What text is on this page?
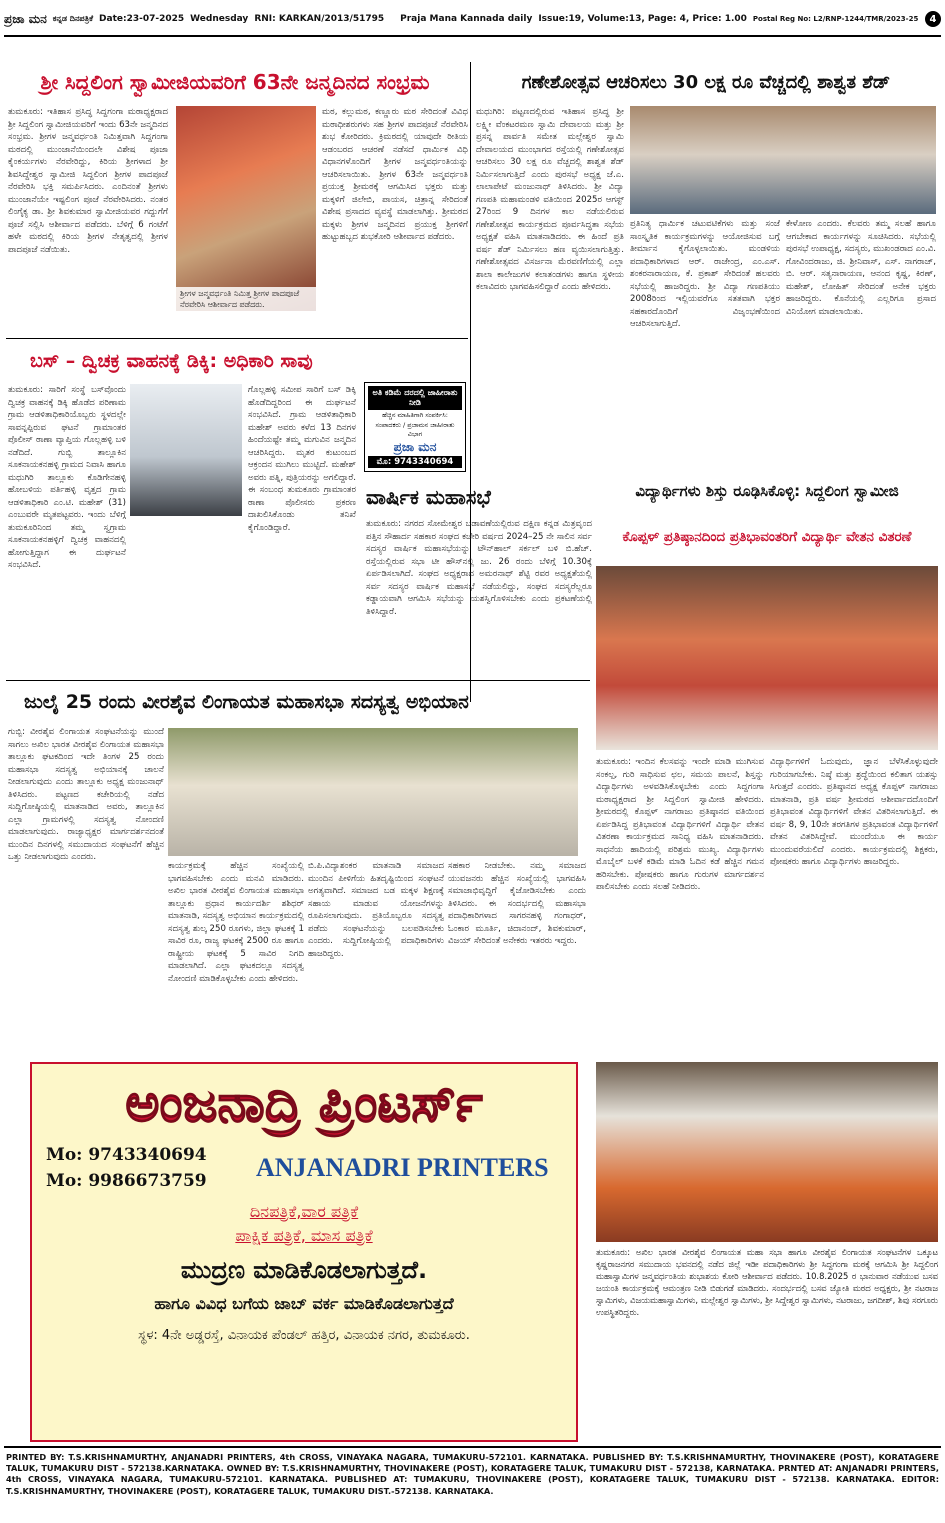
ಪ್ರಜಾ ಮನ ಕನ್ನಡ ದಿನಪತ್ರಿಕೆ Date:23-07-2025 Wednesday RNI: KARKAN/2013/51795 Praja Mana Kannada daily Issue:19, Volume:13, Page: 4, Price: 1.00 Postal Reg No: L2/RNP-1244/TMR/2023-25	4
ಶ್ರೀ ಸಿದ್ದಲಿಂಗ ಸ್ವಾಮೀಜಿಯವರಿಗೆ 63ನೇ ಜನ್ಮದಿನದ ಸಂಭ್ರಮ
ತುಮಕೂರು: ಇತಿಹಾಸ ಪ್ರಸಿದ್ಧ ಸಿದ್ದಗಂಗಾ ಮಠಾಧ್ಯಕ್ಷರಾದ ಶ್ರೀ ಸಿದ್ದಲಿಂಗ ಸ್ವಾಮೀಜಿಯವರಿಗೆ ಇಂದು 63ನೇ ಜನ್ಮದಿನದ ಸಂಭ್ರಮ. ಶ್ರೀಗಳ ಜನ್ಮವರ್ಧಂತಿ ನಿಮಿತ್ತವಾಗಿ ಸಿದ್ದಗಂಗಾ ಮಠದಲ್ಲಿ ಮುಂಜಾನೆಯಿಂದಲೇ ವಿಶೇಷ ಪೂಜಾ ಕೈಂಕರ್ಯಗಳು ನೆರವೇರಿದ್ದು, ಕಿರಿಯ ಶ್ರೀಗಳಾದ ಶ್ರೀ ಶಿವಸಿದ್ದೇಶ್ವರ ಸ್ವಾಮೀಜಿ ಸಿದ್ದಲಿಂಗ ಶ್ರೀಗಳ ಪಾದಪೂಜೆ ನೆರವೇರಿಸಿ ಭಕ್ತಿ ಸಮರ್ಪಿಸಿದರು. ಎಂದಿನಂತೆ ಶ್ರೀಗಳು ಮುಂಜಾನೆಯೇ ಇಷ್ಟಲಿಂಗ ಪೂಜೆ ನೆರವೇರಿಸಿದರು. ನಂತರ ಲಿಂಗೈಕ್ಯ ಡಾ. ಶ್ರೀ ಶಿವಕುಮಾರ ಸ್ವಾಮೀಜಿಯವರ ಗದ್ದುಗೆಗೆ ಪೂಜೆ ಸಲ್ಲಿಸಿ ಆಶೀರ್ವಾದ ಪಡೆದರು. ಬೆಳಿಗ್ಗೆ 6 ಗಂಟೆಗೆ ಹಳೇ ಮಠದಲ್ಲಿ ಕಿರಿಯ ಶ್ರೀಗಳ ನೇತೃತ್ವದಲ್ಲಿ ಶ್ರೀಗಳ ಪಾದಪೂಜೆ ನಡೆಯಿತು.
ಶ್ರೀಗಳ ಜನ್ಮವರ್ಧಂತಿ ನಿಮಿತ್ತ ಶ್ರೀಗಳ ಪಾದಪೂಜೆ ನೆರವೇರಿಸಿ ಆಶೀರ್ವಾದ ಪಡೆದರು.
ಮಠ, ಕಲ್ಲುಮಠ, ಕಣ್ಣೂರು ಮಠ ಸೇರಿದಂತೆ ವಿವಿಧ ಮಠಾಧೀಶರುಗಳು ಸಹ ಶ್ರೀಗಳ ಪಾದಪೂಜೆ ನೆರವೇರಿಸಿ ಶುಭ ಕೋರಿದರು. ಕ್ರಿಮಠದಲ್ಲಿ ಯಾವುದೇ ರೀತಿಯ ಆಡಂಬರದ ಆಚರಣೆ ನಡೆಸದೆ ಧಾರ್ಮಿಕ ವಿಧಿ ವಿಧಾನಗಳೊಂದಿಗೆ ಶ್ರೀಗಳ ಜನ್ಮವರ್ಧಂತಿಯನ್ನು ಆಚರಿಸಲಾಯಿತು. ಶ್ರೀಗಳ 63ನೇ ಜನ್ಮವರ್ಧಂತಿ ಪ್ರಯುಕ್ತ ಶ್ರೀಮಠಕ್ಕೆ ಆಗಮಿಸಿದ ಭಕ್ತರು ಮತ್ತು ಮಕ್ಕಳಿಗೆ ಜಿಲೇಬಿ, ಪಾಯಸ, ಚಿತ್ರಾನ್ನ ಸೇರಿದಂತೆ ವಿಶೇಷ ಪ್ರಸಾದದ ವ್ಯವಸ್ಥೆ ಮಾಡಲಾಗಿತ್ತು. ಶ್ರೀಮಠದ ಮಕ್ಕಳು ಶ್ರೀಗಳ ಜನ್ಮದಿನದ ಪ್ರಯುಕ್ತ ಶ್ರೀಗಳಿಗೆ ಹುಟ್ಟುಹಬ್ಬದ ಶುಭಕೋರಿ ಆಶೀರ್ವಾದ ಪಡೆದರು.
ಗಣೇಶೋತ್ಸವ ಆಚರಿಸಲು 30 ಲಕ್ಷ ರೂ ವೆಚ್ಚದಲ್ಲಿ ಶಾಶ್ವತ ಶೆಡ್
ಮಧುಗಿರಿ: ಪಟ್ಟಣದಲ್ಲಿರುವ ಇತಿಹಾಸ ಪ್ರಸಿದ್ಧ ಶ್ರೀ ಲಕ್ಷ್ಮೀ ವೆಂಕಟರಮಣ ಸ್ವಾಮಿ ದೇವಾಲಯ ಮತ್ತು ಶ್ರೀ ಪ್ರಸನ್ನ ಪಾರ್ವತಿ ಸಮೇತ ಮಲ್ಲೇಶ್ವರ ಸ್ವಾಮಿ ದೇವಾಲಯದ ಮುಂಭಾಗದ ರಸ್ತೆಯಲ್ಲಿ ಗಣೇಶೋತ್ಸವ ಆಚರಿಸಲು 30 ಲಕ್ಷ ರೂ ವೆಚ್ಚದಲ್ಲಿ ಶಾಶ್ವತ ಶೆಡ್ ನಿರ್ಮಿಸಲಾಗುತ್ತಿದೆ ಎಂದು ಪುರಸಭೆ ಅಧ್ಯಕ್ಷ ಜೆ.ಎ. ಲಾಲಾಪೇಟೆ ಮಂಜುನಾಥ್ ತಿಳಿಸಿದರು. ಶ್ರೀ ವಿದ್ಯಾ ಗಣಪತಿ ಮಹಾಮಂಡಳಿ ವತಿಯಿಂದ 2025ರ ಆಗಸ್ಟ್ 27ರಿಂದ 9 ದಿನಗಳ ಕಾಲ ನಡೆಯಲಿರುವ ಗಣೇಶೋತ್ಸವ ಕಾರ್ಯಕ್ರಮದ ಪೂರ್ವಸಿದ್ಧತಾ ಸಭೆಯ ಅಧ್ಯಕ್ಷತೆ ವಹಿಸಿ ಮಾತನಾಡಿದರು. ಈ ಹಿಂದೆ ಪ್ರತಿ ವರ್ಷ ಶೆಡ್ ನಿರ್ಮಿಸಲು ಹಣ ವ್ಯಯಿಸಲಾಗುತ್ತಿತ್ತು. ಗಣೇಶೋತ್ಸವದ ವಿಸರ್ಜನಾ ಮೆರವಣಿಗೆಯಲ್ಲಿ ಎಲ್ಲಾ ಶಾಲಾ ಕಾಲೇಜುಗಳ ಕಲಾತಂಡಗಳು ಹಾಗೂ ಸ್ಥಳೀಯ ಕಲಾವಿದರು ಭಾಗವಹಿಸಲಿದ್ದಾರೆ ಎಂದು ಹೇಳಿದರು.
ಪ್ರತಿನಿತ್ಯ ಧಾರ್ಮಿಕ ಚಟುವಟಿಕೆಗಳು ಮತ್ತು ಸಂಜೆ ಸಾಂಸ್ಕೃತಿಕ ಕಾರ್ಯಕ್ರಮಗಳನ್ನು ಆಯೋಜಿಸುವ ಬಗ್ಗೆ ತೀರ್ಮಾನ ಕೈಗೊಳ್ಳಲಾಯಿತು. ಮಂಡಳಿಯ ಪದಾಧಿಕಾರಿಗಳಾದ ಆರ್. ರಾಜೇಂದ್ರ, ಎಂ.ಎಸ್. ಶಂಕರನಾರಾಯಣ, ಕೆ. ಪ್ರಕಾಶ್ ಸೇರಿದಂತೆ ಹಲವರು ಸಭೆಯಲ್ಲಿ ಹಾಜರಿದ್ದರು. ಶ್ರೀ ವಿದ್ಯಾ ಗಣಪತಿಯು 2008ರಿಂದ ಇಲ್ಲಿಯವರೆಗೂ ಸತತವಾಗಿ ಭಕ್ತರ ಸಹಕಾರದೊಂದಿಗೆ ವಿಜೃಂಭಣೆಯಿಂದ ಆಚರಿಸಲಾಗುತ್ತಿದೆ.
ಕೇಳೋಣ ಎಂದರು. ಕೆಲವರು ತಮ್ಮ ಸಲಹೆ ಹಾಗೂ ಆಗಬೇಕಾದ ಕಾರ್ಯಗಳನ್ನು ಸೂಚಿಸಿದರು. ಸಭೆಯಲ್ಲಿ ಪುರಸಭೆ ಉಪಾಧ್ಯಕ್ಷ, ಸದಸ್ಯರು, ಮುಖಂಡರಾದ ಎಂ.ವಿ. ಗೋವಿಂದರಾಜು, ಜಿ. ಶ್ರೀನಿವಾಸ್, ಎಸ್. ನಾಗರಾಜ್, ಬಿ. ಆರ್. ಸತ್ಯನಾರಾಯಣ, ಆನಂದ ಕೃಷ್ಣ, ಕಿರಣ್, ಮಹೇಶ್, ಲೋಹಿತ್ ಸೇರಿದಂತೆ ಅನೇಕ ಭಕ್ತರು ಹಾಜರಿದ್ದರು. ಕೊನೆಯಲ್ಲಿ ಎಲ್ಲರಿಗೂ ಪ್ರಸಾದ ವಿನಿಯೋಗ ಮಾಡಲಾಯಿತು.
ಬಸ್ – ದ್ವಿಚಕ್ರ ವಾಹನಕ್ಕೆ ಡಿಕ್ಕಿ: ಅಧಿಕಾರಿ ಸಾವು
ತುಮಕೂರು: ಸಾರಿಗೆ ಸಂಸ್ಥೆ ಬಸ್‌ವೊಂದು ದ್ವಿಚಕ್ರ ವಾಹನಕ್ಕೆ ಡಿಕ್ಕಿ ಹೊಡೆದ ಪರಿಣಾಮ ಗ್ರಾಮ ಆಡಳಿತಾಧಿಕಾರಿಯೊಬ್ಬರು ಸ್ಥಳದಲ್ಲೇ ಸಾವನ್ನಪ್ಪಿರುವ ಘಟನೆ ಗ್ರಾಮಾಂತರ ಪೊಲೀಸ್ ಠಾಣಾ ವ್ಯಾಪ್ತಿಯ ಗೊಲ್ಲಹಳ್ಳಿ ಬಳಿ ನಡೆದಿದೆ. ಗುಬ್ಬಿ ತಾಲ್ಲೂಕಿನ ಸೂಕನಾಯಕನಹಳ್ಳಿ ಗ್ರಾಮದ ನಿವಾಸಿ ಹಾಗೂ ಮಧುಗಿರಿ ತಾಲ್ಲೂಕು ಕೊಡಿಗೇನಹಳ್ಳಿ ಹೋಬಳಿಯ ಪರ್ತಿಹಳ್ಳಿ ವೃತ್ತದ ಗ್ರಾಮ ಆಡಳಿತಾಧಿಕಾರಿ ಎಂ.ಟಿ. ಮಹೇಶ್ (31) ಎಂಬುವರೇ ಮೃತಪಟ್ಟವರು. ಇಂದು ಬೆಳಿಗ್ಗೆ ತುಮಕೂರಿನಿಂದ ತಮ್ಮ ಸ್ವಗ್ರಾಮ ಸೂಕನಾಯಕನಹಳ್ಳಿಗೆ ದ್ವಿಚಕ್ರ ವಾಹನದಲ್ಲಿ ಹೋಗುತ್ತಿದ್ದಾಗ ಈ ದುರ್ಘಟನೆ ಸಂಭವಿಸಿದೆ.
ಗೊಲ್ಲಹಳ್ಳಿ ಸಮೀಪ ಸಾರಿಗೆ ಬಸ್ ಡಿಕ್ಕಿ ಹೊಡೆದಿದ್ದರಿಂದ ಈ ದುರ್ಘಟನೆ ಸಂಭವಿಸಿದೆ. ಗ್ರಾಮ ಆಡಳಿತಾಧಿಕಾರಿ ಮಹೇಶ್ ಅವರು ಕಳೆದ 13 ದಿನಗಳ ಹಿಂದೆಯಷ್ಟೇ ತಮ್ಮ ಮಗುವಿನ ಜನ್ಮದಿನ ಆಚರಿಸಿದ್ದರು. ಮೃತರ ಕುಟುಂಬದ ಆಕ್ರಂದನ ಮುಗಿಲು ಮುಟ್ಟಿದೆ. ಮಹೇಶ್ ಅವರು ಪತ್ನಿ, ಪುತ್ರಿಯರನ್ನು ಅಗಲಿದ್ದಾರೆ. ಈ ಸಂಬಂಧ ತುಮಕೂರು ಗ್ರಾಮಾಂತರ ಠಾಣಾ ಪೊಲೀಸರು ಪ್ರಕರಣ ದಾಖಲಿಸಿಕೊಂಡು ತನಿಖೆ ಕೈಗೊಂಡಿದ್ದಾರೆ.
ಅತಿ ಕಡಿಮೆ ದರದಲ್ಲಿ ಜಾಹೀರಾತು ನೀಡಿ
ಹೆಚ್ಚಿನ ಮಾಹಿತಿಗಾಗಿ ಸಂಪರ್ಕಿಸಿ:
ಸಂಪಾದಕರು / ಪ್ರಜಾಮನ ಜಾಹೀರಾತು ವಿಭಾಗ
ಪ್ರಜಾ ಮನ
ಮೊ: 9743340694
ವಾರ್ಷಿಕ ಮಹಾಸಭೆ
ತುಮಕೂರು: ನಗರದ ಸೋಮೇಶ್ವರ ಬಡಾವಣೆಯಲ್ಲಿರುವ ದಕ್ಷಿಣ ಕನ್ನಡ ಮಿತ್ರವೃಂದ ಪತ್ತಿನ ಸೌಹಾರ್ದ ಸಹಕಾರ ಸಂಘದ ಕಚೇರಿ ವರ್ಷದ 2024–25 ನೇ ಸಾಲಿನ ಸರ್ವ ಸದಸ್ಯರ ವಾರ್ಷಿಕ ಮಹಾಸಭೆಯನ್ನು ಟೌನ್‌ಹಾಲ್ ಸರ್ಕಲ್ ಬಳಿ ಬಿ.ಹೆಚ್. ರಸ್ತೆಯಲ್ಲಿರುವ ಸಭಾ ಟೀ ಹೌಸ್‌ನಲ್ಲಿ ಜು. 26 ರಂದು ಬೆಳಿಗ್ಗೆ 10.30ಕ್ಕೆ ಏರ್ಪಡಿಸಲಾಗಿದೆ. ಸಂಘದ ಅಧ್ಯಕ್ಷರಾದ ಅಮರನಾಥ್ ಶೆಟ್ಟಿ ರವರ ಅಧ್ಯಕ್ಷತೆಯಲ್ಲಿ ಸರ್ವ ಸದಸ್ಯರ ವಾರ್ಷಿಕ ಮಹಾಸಭೆ ನಡೆಯಲಿದ್ದು, ಸಂಘದ ಸದಸ್ಯರೆಲ್ಲರೂ ಕಡ್ಡಾಯವಾಗಿ ಆಗಮಿಸಿ ಸಭೆಯನ್ನು ಯಶಸ್ವಿಗೊಳಿಸಬೇಕು ಎಂದು ಪ್ರಕಟಣೆಯಲ್ಲಿ ತಿಳಿಸಿದ್ದಾರೆ.
ವಿದ್ಯಾರ್ಥಿಗಳು ಶಿಸ್ತು ರೂಢಿಸಿಕೊಳ್ಳಿ: ಸಿದ್ದಲಿಂಗ ಸ್ವಾಮೀಜಿ
ಕೊಪ್ಪಳ್ ಪ್ರತಿಷ್ಠಾನದಿಂದ ಪ್ರತಿಭಾವಂತರಿಗೆ ವಿದ್ಯಾರ್ಥಿ ವೇತನ ವಿತರಣೆ
ತುಮಕೂರು: ಇಂದಿನ ಕೆಲಸವನ್ನು ಇಂದೇ ಮಾಡಿ ಮುಗಿಸುವ ಸಂಕಲ್ಪ, ಗುರಿ ಸಾಧಿಸುವ ಛಲ, ಸಮಯ ಪಾಲನೆ, ಶಿಸ್ತನ್ನು ವಿದ್ಯಾರ್ಥಿಗಳು ಅಳವಡಿಸಿಕೊಳ್ಳಬೇಕು ಎಂದು ಸಿದ್ದಗಂಗಾ ಮಠಾಧ್ಯಕ್ಷರಾದ ಶ್ರೀ ಸಿದ್ದಲಿಂಗ ಸ್ವಾಮೀಜಿ ಹೇಳಿದರು. ಶ್ರೀಮಠದಲ್ಲಿ ಕೊಪ್ಪಳ್ ನಾಗರಾಜು ಪ್ರತಿಷ್ಠಾನದ ವತಿಯಿಂದ ಏರ್ಪಡಿಸಿದ್ದ ಪ್ರತಿಭಾವಂತ ವಿದ್ಯಾರ್ಥಿಗಳಿಗೆ ವಿದ್ಯಾರ್ಥಿ ವೇತನ ವಿತರಣಾ ಕಾರ್ಯಕ್ರಮದ ಸಾನಿಧ್ಯ ವಹಿಸಿ ಮಾತನಾಡಿದರು. ಸಾಧನೆಯ ಹಾದಿಯಲ್ಲಿ ಪರಿಶ್ರಮ ಮುಖ್ಯ. ವಿದ್ಯಾರ್ಥಿಗಳು ಮೊಬೈಲ್ ಬಳಕೆ ಕಡಿಮೆ ಮಾಡಿ ಓದಿನ ಕಡೆ ಹೆಚ್ಚಿನ ಗಮನ ಹರಿಸಬೇಕು. ಪೋಷಕರು ಹಾಗೂ ಗುರುಗಳ ಮಾರ್ಗದರ್ಶನ ಪಾಲಿಸಬೇಕು ಎಂದು ಸಲಹೆ ನೀಡಿದರು.
ವಿದ್ಯಾರ್ಥಿಗಳಿಗೆ ಓದುವುದು, ಜ್ಞಾನ ಬೆಳೆಸಿಕೊಳ್ಳುವುದೇ ಗುರಿಯಾಗಬೇಕು. ನಿಷ್ಠೆ ಮತ್ತು ಶ್ರದ್ಧೆಯಿಂದ ಕಲಿತಾಗ ಯಶಸ್ಸು ಸಿಗುತ್ತದೆ ಎಂದರು. ಪ್ರತಿಷ್ಠಾನದ ಅಧ್ಯಕ್ಷ ಕೊಪ್ಪಳ್ ನಾಗರಾಜು ಮಾತನಾಡಿ, ಪ್ರತಿ ವರ್ಷ ಶ್ರೀಮಠದ ಆಶೀರ್ವಾದದೊಂದಿಗೆ ಪ್ರತಿಭಾವಂತ ವಿದ್ಯಾರ್ಥಿಗಳಿಗೆ ವೇತನ ವಿತರಿಸಲಾಗುತ್ತಿದೆ. ಈ ವರ್ಷ 8, 9, 10ನೇ ತರಗತಿಗಳ ಪ್ರತಿಭಾವಂತ ವಿದ್ಯಾರ್ಥಿಗಳಿಗೆ ವೇತನ ವಿತರಿಸಿದ್ದೇವೆ. ಮುಂದೆಯೂ ಈ ಕಾರ್ಯ ಮುಂದುವರೆಯಲಿದೆ ಎಂದರು. ಕಾರ್ಯಕ್ರಮದಲ್ಲಿ ಶಿಕ್ಷಕರು, ಪೋಷಕರು ಹಾಗೂ ವಿದ್ಯಾರ್ಥಿಗಳು ಹಾಜರಿದ್ದರು.
ಜುಲೈ 25 ರಂದು ವೀರಶೈವ ಲಿಂಗಾಯತ ಮಹಾಸಭಾ ಸದಸ್ಯತ್ವ ಅಭಿಯಾನ
ಗುಬ್ಬಿ: ವೀರಶೈವ ಲಿಂಗಾಯತ ಸಂಘಟನೆಯನ್ನು ಮುಂದೆ ಸಾಗಲು ಅಖಿಲ ಭಾರತ ವೀರಶೈವ ಲಿಂಗಾಯತ ಮಹಾಸಭಾ ತಾಲ್ಲೂಕು ಘಟಕದಿಂದ ಇದೇ ತಿಂಗಳ 25 ರಂದು ಮಹಾಸಭಾ ಸದಸ್ಯತ್ವ ಅಭಿಯಾನಕ್ಕೆ ಚಾಲನೆ ನೀಡಲಾಗುವುದು ಎಂದು ತಾಲ್ಲೂಕು ಅಧ್ಯಕ್ಷ ಮಂಜುನಾಥ್ ತಿಳಿಸಿದರು. ಪಟ್ಟಣದ ಕಚೇರಿಯಲ್ಲಿ ನಡೆದ ಸುದ್ದಿಗೋಷ್ಠಿಯಲ್ಲಿ ಮಾತನಾಡಿದ ಅವರು, ತಾಲ್ಲೂಕಿನ ಎಲ್ಲಾ ಗ್ರಾಮಗಳಲ್ಲಿ ಸದಸ್ಯತ್ವ ನೋಂದಣಿ ಮಾಡಲಾಗುವುದು. ರಾಜ್ಯಾಧ್ಯಕ್ಷರ ಮಾರ್ಗದರ್ಶನದಂತೆ ಮುಂದಿನ ದಿನಗಳಲ್ಲಿ ಸಮುದಾಯದ ಸಂಘಟನೆಗೆ ಹೆಚ್ಚಿನ ಒತ್ತು ನೀಡಲಾಗುವುದು ಎಂದರು.
ಕಾರ್ಯಕ್ರಮಕ್ಕೆ ಹೆಚ್ಚಿನ ಸಂಖ್ಯೆಯಲ್ಲಿ ಭಾಗವಹಿಸಬೇಕು ಎಂದು ಮನವಿ ಮಾಡಿದರು. ಅಖಿಲ ಭಾರತ ವೀರಶೈವ ಲಿಂಗಾಯತ ಮಹಾಸಭಾ ತಾಲ್ಲೂಕು ಪ್ರಧಾನ ಕಾರ್ಯದರ್ಶಿ ಶಶಿಧರ್ ಮಾತನಾಡಿ, ಸದಸ್ಯತ್ವ ಅಭಿಯಾನ ಕಾರ್ಯಕ್ರಮದಲ್ಲಿ ಸದಸ್ಯತ್ವ ಶುಲ್ಕ 250 ರೂಗಳು, ಜಿಲ್ಲಾ ಘಟಕಕ್ಕೆ 1 ಸಾವಿರ ರೂ, ರಾಜ್ಯ ಘಟಕಕ್ಕೆ 2500 ರೂ ಹಾಗೂ ರಾಷ್ಟ್ರೀಯ ಘಟಕಕ್ಕೆ 5 ಸಾವಿರ ನಿಗದಿ ಮಾಡಲಾಗಿದೆ. ಎಲ್ಲಾ ಘಟಕದಲ್ಲೂ ಸದಸ್ಯತ್ವ ನೋಂದಣಿ ಮಾಡಿಕೊಳ್ಳಬೇಕು ಎಂದು ಹೇಳಿದರು.
ಬಿ.ಪಿ.ವಿದ್ಯಾಶಂಕರ ಮಾತನಾಡಿ ಸಮಾಜದ ಮುಂದಿನ ಪೀಳಿಗೆಯ ಹಿತದೃಷ್ಟಿಯಿಂದ ಸಂಘಟನೆ ಅಗತ್ಯವಾಗಿದೆ. ಸಮಾಜದ ಬಡ ಮಕ್ಕಳ ಶಿಕ್ಷಣಕ್ಕೆ ಸಹಾಯ ಮಾಡುವ ಯೋಜನೆಗಳನ್ನು ರೂಪಿಸಲಾಗುವುದು. ಪ್ರತಿಯೊಬ್ಬರೂ ಸದಸ್ಯತ್ವ ಪಡೆದು ಸಂಘಟನೆಯನ್ನು ಬಲಪಡಿಸಬೇಕು ಎಂದರು. ಸುದ್ದಿಗೋಷ್ಠಿಯಲ್ಲಿ ಪದಾಧಿಕಾರಿಗಳು ಹಾಜರಿದ್ದರು.
ಸಹಕಾರ ನೀಡಬೇಕು. ನಮ್ಮ ಸಮಾಜದ ಯುವಜನರು ಹೆಚ್ಚಿನ ಸಂಖ್ಯೆಯಲ್ಲಿ ಭಾಗವಹಿಸಿ ಸಮಾಜಾಭಿವೃದ್ಧಿಗೆ ಕೈಜೋಡಿಸಬೇಕು ಎಂದು ತಿಳಿಸಿದರು. ಈ ಸಂದರ್ಭದಲ್ಲಿ ಮಹಾಸಭಾ ಪದಾಧಿಕಾರಿಗಳಾದ ಸಾಗರನಹಳ್ಳಿ ಗಂಗಾಧರ್, ಓಂಕಾರ ಮೂರ್ತಿ, ಚಿದಾನಂದ್, ಶಿವಕುಮಾರ್, ವಿಜಯ್ ಸೇರಿದಂತೆ ಅನೇಕರು ಇತರರು ಇದ್ದರು.
ಅಂಜನಾದ್ರಿ ಪ್ರಿಂಟರ್ಸ್
Mo: 9743340694
Mo: 9986673759	ANJANADRI PRINTERS
ದಿನಪತ್ರಿಕೆ,ವಾರ ಪತ್ರಿಕೆ
ಪಾಕ್ಷಿಕ ಪತ್ರಿಕೆ, ಮಾಸ ಪತ್ರಿಕೆ
ಮುದ್ರಣ ಮಾಡಿಕೊಡಲಾಗುತ್ತದೆ.
ಹಾಗೂ ವಿವಿಧ ಬಗೆಯ ಜಾಬ್ ವರ್ಕ ಮಾಡಿಕೊಡಲಾಗುತ್ತದೆ
ಸ್ಥಳ: 4ನೇ ಅಡ್ಡರಸ್ತೆ, ವಿನಾಯಕ ಪೆಂಡಲ್ ಹತ್ತಿರ, ವಿನಾಯಕ ನಗರ, ತುಮಕೂರು.
ತುಮಕೂರು: ಅಖಿಲ ಭಾರತ ವೀರಶೈವ ಲಿಂಗಾಯತ ಮಹಾ ಸಭಾ ಹಾಗೂ ವೀರಶೈವ ಲಿಂಗಾಯತ ಸಂಘಟನೆಗಳ ಒಕ್ಕೂಟ ಕೃಷ್ಣರಾಜನಗರ ಸಮುದಾಯ ಭವನದಲ್ಲಿ ನಡೆದ ಜಿಲ್ಲೆ ಇಡೀ ಪದಾಧಿಕಾರಿಗಳು ಶ್ರೀ ಸಿದ್ದಗಂಗಾ ಮಠಕ್ಕೆ ಆಗಮಿಸಿ ಶ್ರೀ ಸಿದ್ದಲಿಂಗ ಮಹಾಸ್ವಾಮಿಗಳ ಜನ್ಮವರ್ಧಂತಿಯ ಶುಭಾಶಯ ಕೋರಿ ಆಶೀರ್ವಾದ ಪಡೆದರು. 10.8.2025 ರ ಭಾನುವಾರ ನಡೆಯುವ ಬಸವ ಜಯಂತಿ ಕಾರ್ಯಕ್ರಮಕ್ಕೆ ಆಮಂತ್ರಣ ನೀಡಿ ಬಿಡುಗಡೆ ಮಾಡಿದರು. ಸಂದರ್ಭದಲ್ಲಿ ಬಸವ ಜ್ಯೋತಿ ಮಠದ ಅಧ್ಯಕ್ಷರು, ಶ್ರೀ ನಟರಾಜ ಸ್ವಾಮಿಗಳು, ವಿಜಯಮಹಾಸ್ವಾಮಿಗಳು, ಮಲ್ಲೇಶ್ವರ ಸ್ವಾಮಿಗಳು, ಶ್ರೀ ಸಿದ್ದೇಶ್ವರ ಸ್ವಾಮಿಗಳು, ನಟರಾಜು, ಜಗದೀಶ್, ಶಿವು ಸರಗೂರು ಉಪಸ್ಥಿತರಿದ್ದರು.
PRINTED BY: T.S.KRISHNAMURTHY, ANJANADRI PRINTERS, 4th CROSS, VINAYAKA NAGARA, TUMAKURU-572101. KARNATAKA. PUBLISHED BY: T.S.KRISHNAMURTHY, THOVINAKERE (POST), KORATAGERE TALUK, TUMAKURU DIST - 572138.KARNATAKA. OWNED BY: T.S.KRISHNAMURTHY, THOVINAKERE (POST), KORATAGERE TALUK, TUMAKURU DIST - 572138, KARNATAKA. PRNTED AT: ANJANADRI PRINTERS, 4th CROSS, VINAYAKA NAGARA, TUMAKURU-572101. KARNATAKA. PUBLISHED AT: TUMAKURU, THOVINAKERE (POST), KORATAGERE TALUK, TUMAKURU DIST - 572138. KARNATAKA. EDITOR: T.S.KRISHNAMURTHY, THOVINAKERE (POST), KORATAGERE TALUK, TUMAKURU DIST.-572138. KARNATAKA.
